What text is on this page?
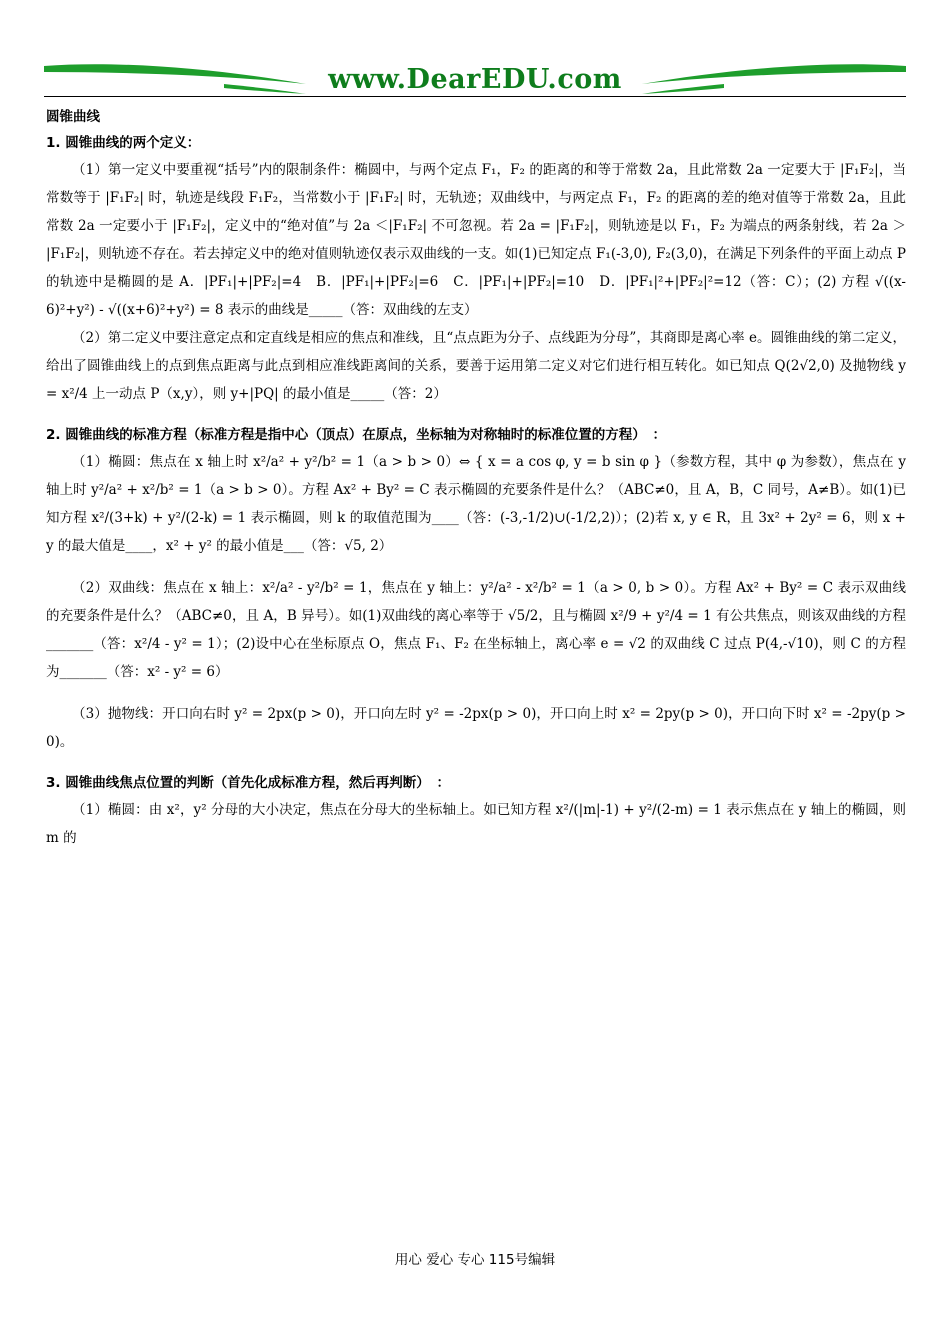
www.DearEDU.com

圆锥曲线

1. 圆锥曲线的两个定义：

（1）第一定义中要重视“括号”内的限制条件：椭圆中，与两个定点 F₁，F₂ 的距离的和等于常数 2a，且此常数 2a 一定要大于 |F₁F₂|，当常数等于 |F₁F₂| 时，轨迹是线段 F₁F₂，当常数小于 |F₁F₂| 时，无轨迹；双曲线中，与两定点 F₁，F₂ 的距离的差的绝对值等于常数 2a，且此常数 2a 一定要小于 |F₁F₂|，定义中的“绝对值”与 2a ＜|F₁F₂| 不可忽视。若 2a = |F₁F₂|，则轨迹是以 F₁，F₂ 为端点的两条射线，若 2a ＞ |F₁F₂|，则轨迹不存在。若去掉定义中的绝对值则轨迹仅表示双曲线的一支。如(1)已知定点 F₁(-3,0), F₂(3,0)，在满足下列条件的平面上动点 P 的轨迹中是椭圆的是 A．|PF₁|+|PF₂|=4　B．|PF₁|+|PF₂|=6　C．|PF₁|+|PF₂|=10　D．|PF₁|²+|PF₂|²=12（答：C）；(2) 方程 √((x-6)²+y²) - √((x+6)²+y²) = 8 表示的曲线是_____（答：双曲线的左支）

（2）第二定义中要注意定点和定直线是相应的焦点和准线，且“点点距为分子、点线距为分母”，其商即是离心率 e。圆锥曲线的第二定义，给出了圆锥曲线上的点到焦点距离与此点到相应准线距离间的关系，要善于运用第二定义对它们进行相互转化。如已知点 Q(2√2,0) 及抛物线 y = x²/4 上一动点 P（x,y），则 y+|PQ| 的最小值是_____（答：2）

2. 圆锥曲线的标准方程（标准方程是指中心（顶点）在原点，坐标轴为对称轴时的标准位置的方程）　：

（1）椭圆：焦点在 x 轴上时 x²/a² + y²/b² = 1（a > b > 0）⇔ { x = a cos φ, y = b sin φ }（参数方程，其中 φ 为参数），焦点在 y 轴上时 y²/a² + x²/b² = 1（a > b > 0）。方程 Ax² + By² = C 表示椭圆的充要条件是什么？（ABC≠0，且 A，B，C 同号，A≠B）。如(1)已知方程 x²/(3+k) + y²/(2-k) = 1 表示椭圆，则 k 的取值范围为____（答：(-3,-1/2)∪(-1/2,2)）；(2)若 x, y ∈ R，且 3x² + 2y² = 6，则 x + y 的最大值是____，x² + y² 的最小值是___（答：√5, 2）

（2）双曲线：焦点在 x 轴上：x²/a² - y²/b² = 1，焦点在 y 轴上：y²/a² - x²/b² = 1（a > 0, b > 0）。方程 Ax² + By² = C 表示双曲线的充要条件是什么？（ABC≠0，且 A，B 异号）。如(1)双曲线的离心率等于 √5/2，且与椭圆 x²/9 + y²/4 = 1 有公共焦点，则该双曲线的方程_______（答：x²/4 - y² = 1）；(2)设中心在坐标原点 O，焦点 F₁、F₂ 在坐标轴上，离心率 e = √2 的双曲线 C 过点 P(4,-√10)，则 C 的方程为_______（答：x² - y² = 6）

（3）抛物线：开口向右时 y² = 2px(p > 0)，开口向左时 y² = -2px(p > 0)，开口向上时 x² = 2py(p > 0)，开口向下时 x² = -2py(p > 0)。

3. 圆锥曲线焦点位置的判断（首先化成标准方程，然后再判断）　：

（1）椭圆：由 x²，y² 分母的大小决定，焦点在分母大的坐标轴上。如已知方程 x²/(|m|-1) + y²/(2-m) = 1 表示焦点在 y 轴上的椭圆，则 m 的

用心 爱心 专心 115号编辑
